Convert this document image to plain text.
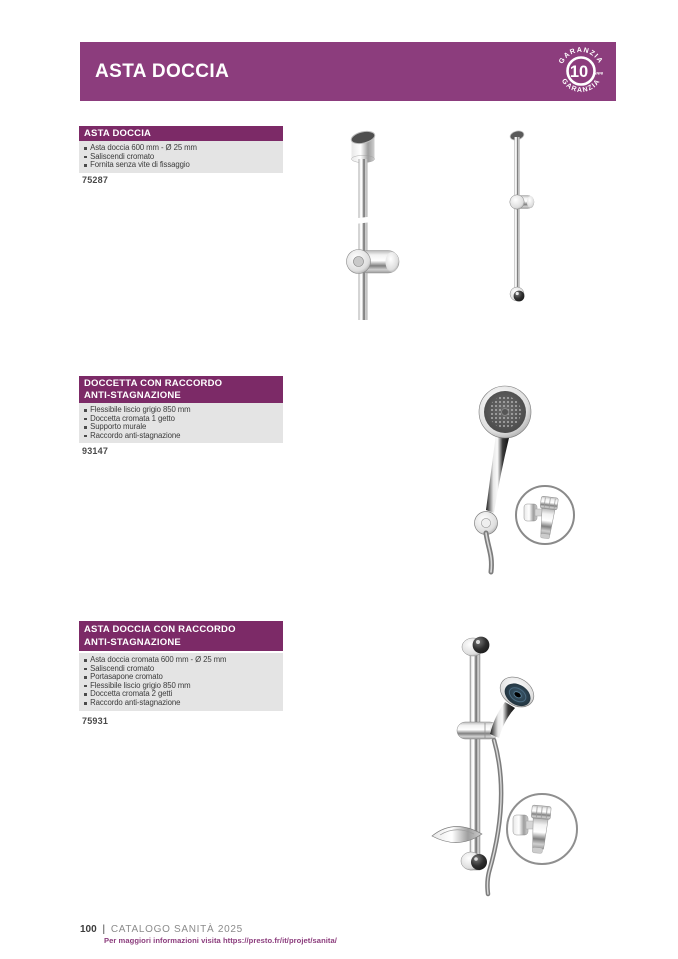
ASTA DOCCIA	GARANZIA
GARANZIA
10 ANNI
ASTA DOCCIA
Asta doccia 600 mm - Ø 25 mm
Saliscendi cromato
Fornita senza vite di fissaggio
75287
DOCCETTA CON RACCORDO
ANTI-STAGNAZIONE
Flessibile liscio grigio 850 mm
Doccetta cromata 1 getto
Supporto murale
Raccordo anti-stagnazione
93147
ASTA DOCCIA CON RACCORDO
ANTI-STAGNAZIONE
Asta doccia cromata 600 mm - Ø 25 mm
Saliscendi cromato
Portasapone cromato
Flessibile liscio grigio 850 mm
Doccetta cromata 2 getti
Raccordo anti-stagnazione
75931
100 | CATALOGO SANITÀ 2025
Per maggiori informazioni visita https://presto.fr/it/projet/sanita/
